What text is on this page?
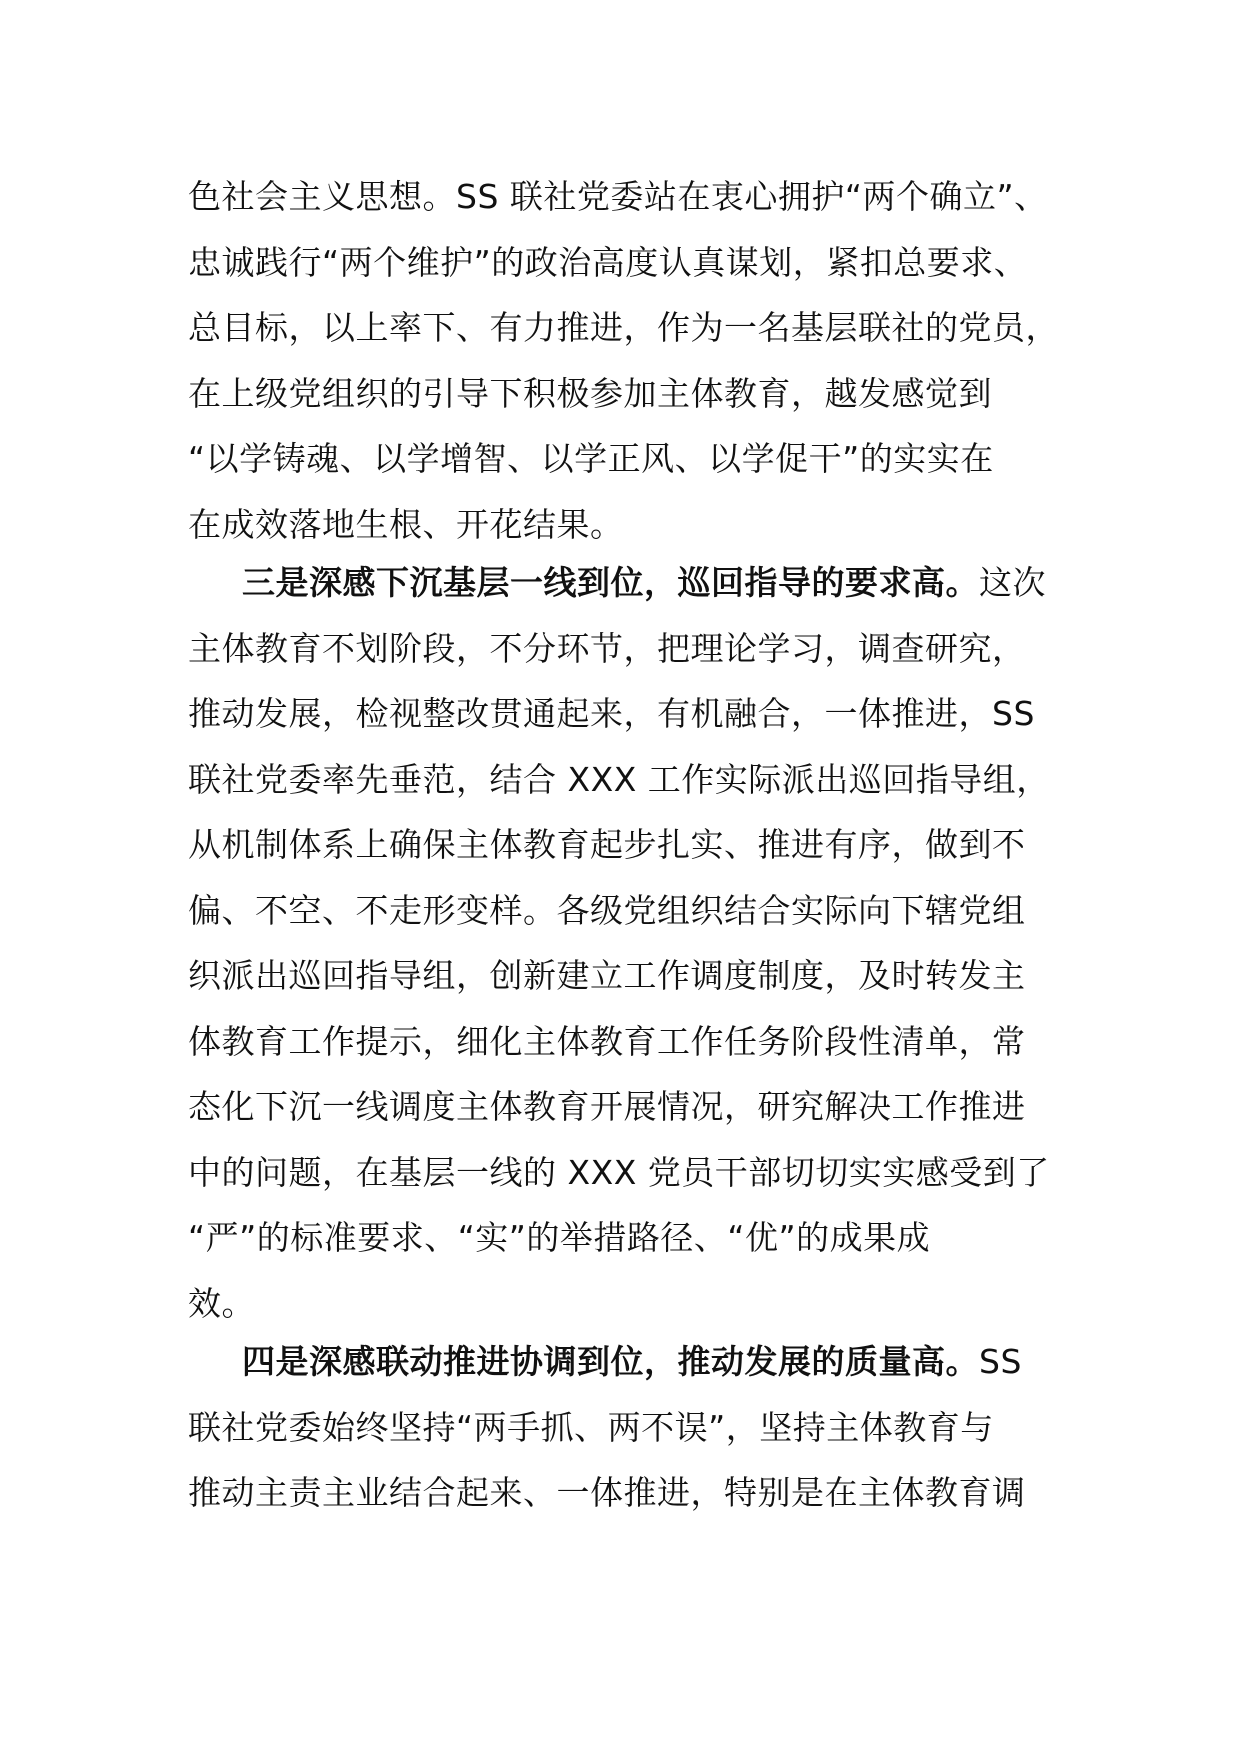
色社会主义思想。SS 联社党委站在衷心拥护“两个确立”、
忠诚践行“两个维护”的政治高度认真谋划，紧扣总要求、
总目标，以上率下、有力推进，作为一名基层联社的党员，
在上级党组织的引导下积极参加主体教育，越发感觉到
“以学铸魂、以学增智、以学正风、以学促干”的实实在
在成效落地生根、开花结果。
三是深感下沉基层一线到位，巡回指导的要求高。这次
主体教育不划阶段，不分环节，把理论学习，调查研究，
推动发展，检视整改贯通起来，有机融合，一体推进，SS
联社党委率先垂范，结合 XXX 工作实际派出巡回指导组，
从机制体系上确保主体教育起步扎实、推进有序，做到不
偏、不空、不走形变样。各级党组织结合实际向下辖党组
织派出巡回指导组，创新建立工作调度制度，及时转发主
体教育工作提示，细化主体教育工作任务阶段性清单，常
态化下沉一线调度主体教育开展情况，研究解决工作推进
中的问题，在基层一线的 XXX 党员干部切切实实感受到了
“严”的标准要求、“实”的举措路径、“优”的成果成
效。
四是深感联动推进协调到位，推动发展的质量高。SS
联社党委始终坚持“两手抓、两不误”，坚持主体教育与
推动主责主业结合起来、一体推进，特别是在主体教育调
